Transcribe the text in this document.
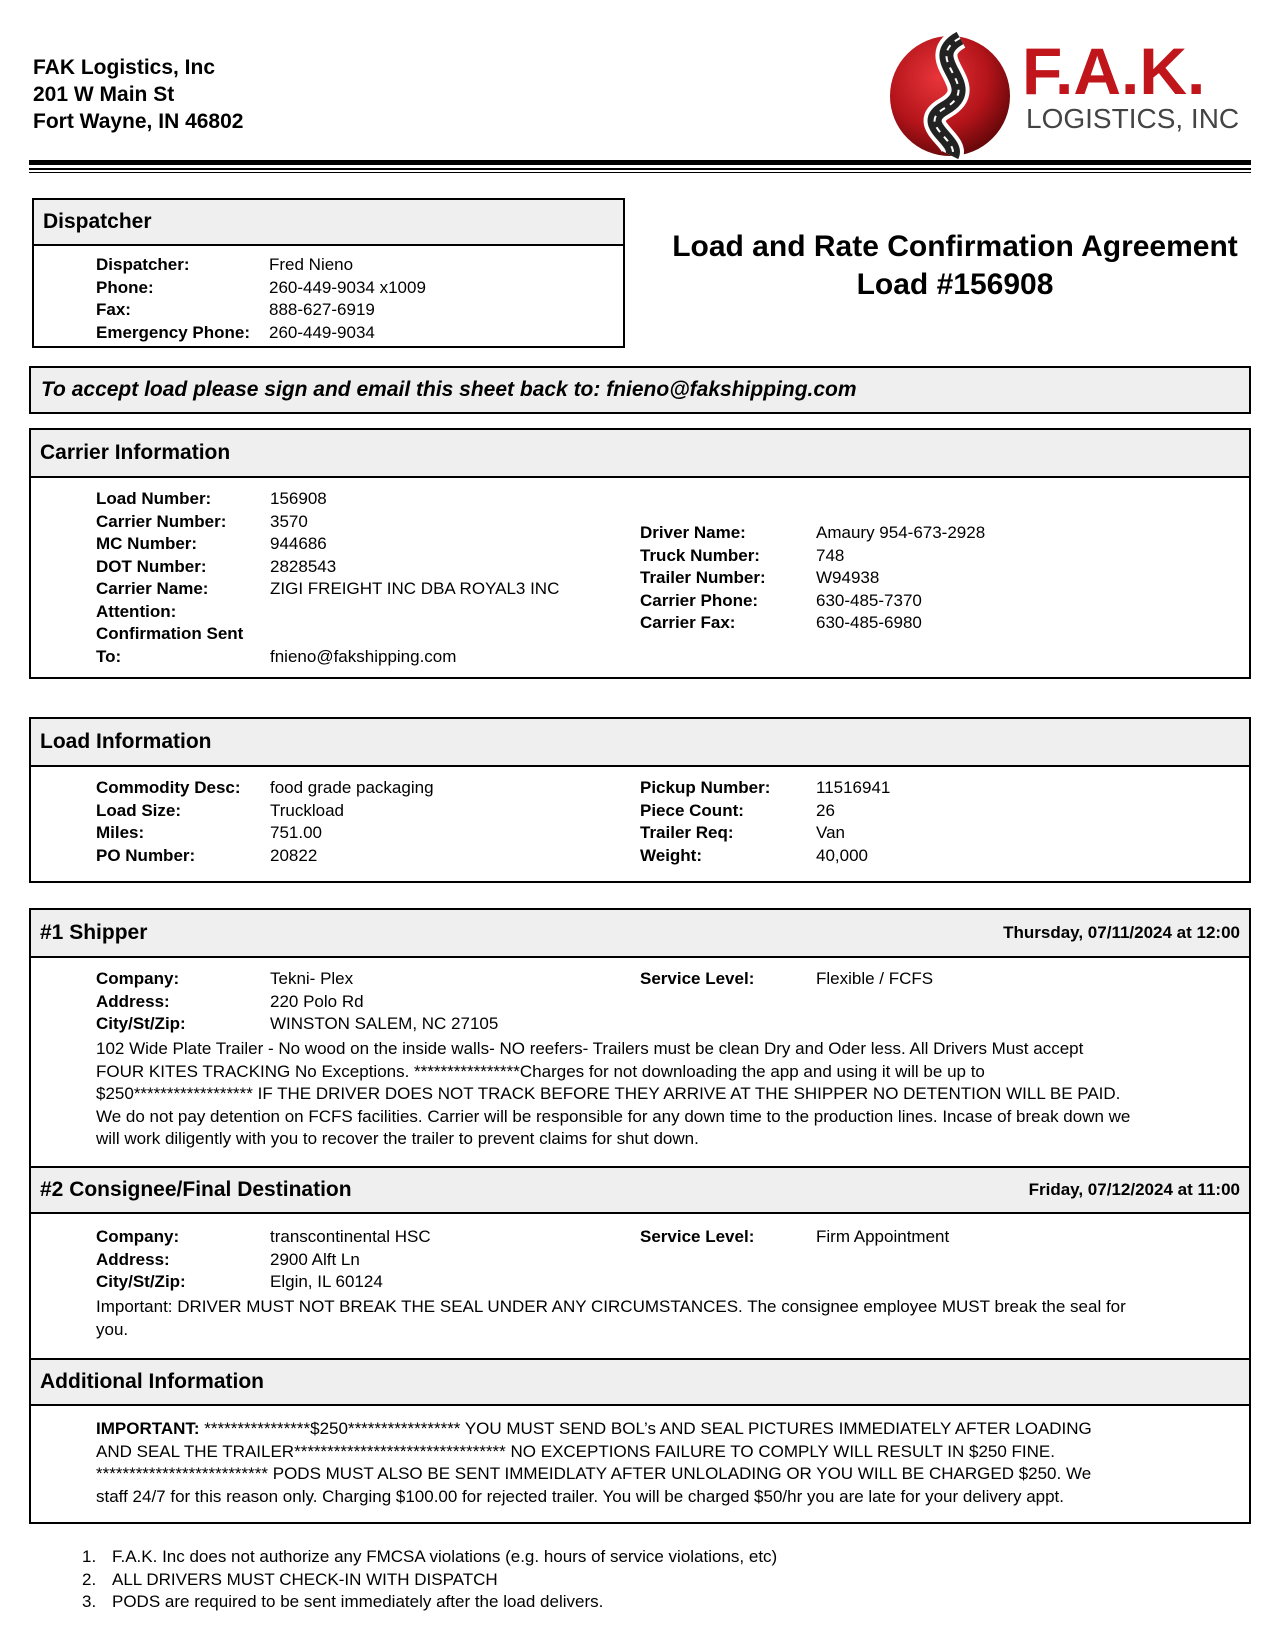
FAK Logistics, Inc
201 W Main St
Fort Wayne, IN 46802
F.A.K.
LOGISTICS, INC
Dispatcher
Dispatcher:	Fred Nieno
Phone:	260-449-9034 x1009
Fax:	888-627-6919
Emergency Phone:	260-449-9034
Load and Rate Confirmation Agreement
Load #156908
To accept load please sign and email this sheet back to: fnieno@fakshipping.com
Carrier Information
Load Number:	156908
Carrier Number:	3570
MC Number:	944686
DOT Number:	2828543
Carrier Name:	ZIGI FREIGHT INC DBA ROYAL3 INC
Attention:
Confirmation Sent
To:	fnieno@fakshipping.com
Driver Name:	Amaury 954-673-2928
Truck Number:	748
Trailer Number:	W94938
Carrier Phone:	630-485-7370
Carrier Fax:	630-485-6980
Load Information
Commodity Desc:	food grade packaging
Load Size:	Truckload
Miles:	751.00
PO Number:	20822
Pickup Number:	11516941
Piece Count:	26
Trailer Req:	Van
Weight:	40,000
#1 Shipper	Thursday, 07/11/2024 at 12:00
Company:	Tekni- Plex
Address:	220 Polo Rd
City/St/Zip:	WINSTON SALEM, NC 27105
Service Level:	Flexible / FCFS
102 Wide Plate Trailer - No wood on the inside walls- NO reefers- Trailers must be clean Dry and Oder less. All Drivers Must accept
FOUR KITES TRACKING No Exceptions. ****************Charges for not downloading the app and using it will be up to
$250****************** IF THE DRIVER DOES NOT TRACK BEFORE THEY ARRIVE AT THE SHIPPER NO DETENTION WILL BE PAID.
We do not pay detention on FCFS facilities. Carrier will be responsible for any down time to the production lines. Incase of break down we
will work diligently with you to recover the trailer to prevent claims for shut down.
#2 Consignee/Final Destination	Friday, 07/12/2024 at 11:00
Company:	transcontinental HSC
Address:	2900 Alft Ln
City/St/Zip:	Elgin, IL 60124
Service Level:	Firm Appointment
Important: DRIVER MUST NOT BREAK THE SEAL UNDER ANY CIRCUMSTANCES. The consignee employee MUST break the seal for
you.
Additional Information
IMPORTANT: ****************$250***************** YOU MUST SEND BOL’s AND SEAL PICTURES IMMEDIATELY AFTER LOADING
AND SEAL THE TRAILER******************************** NO EXCEPTIONS FAILURE TO COMPLY WILL RESULT IN $250 FINE.
************************** PODS MUST ALSO BE SENT IMMEIDLATY AFTER UNLOLADING OR YOU WILL BE CHARGED $250. We
staff 24/7 for this reason only. Charging $100.00 for rejected trailer. You will be charged $50/hr you are late for your delivery appt.
1. F.A.K. Inc does not authorize any FMCSA violations (e.g. hours of service violations, etc)
2. ALL DRIVERS MUST CHECK-IN WITH DISPATCH
3. PODS are required to be sent immediately after the load delivers.
